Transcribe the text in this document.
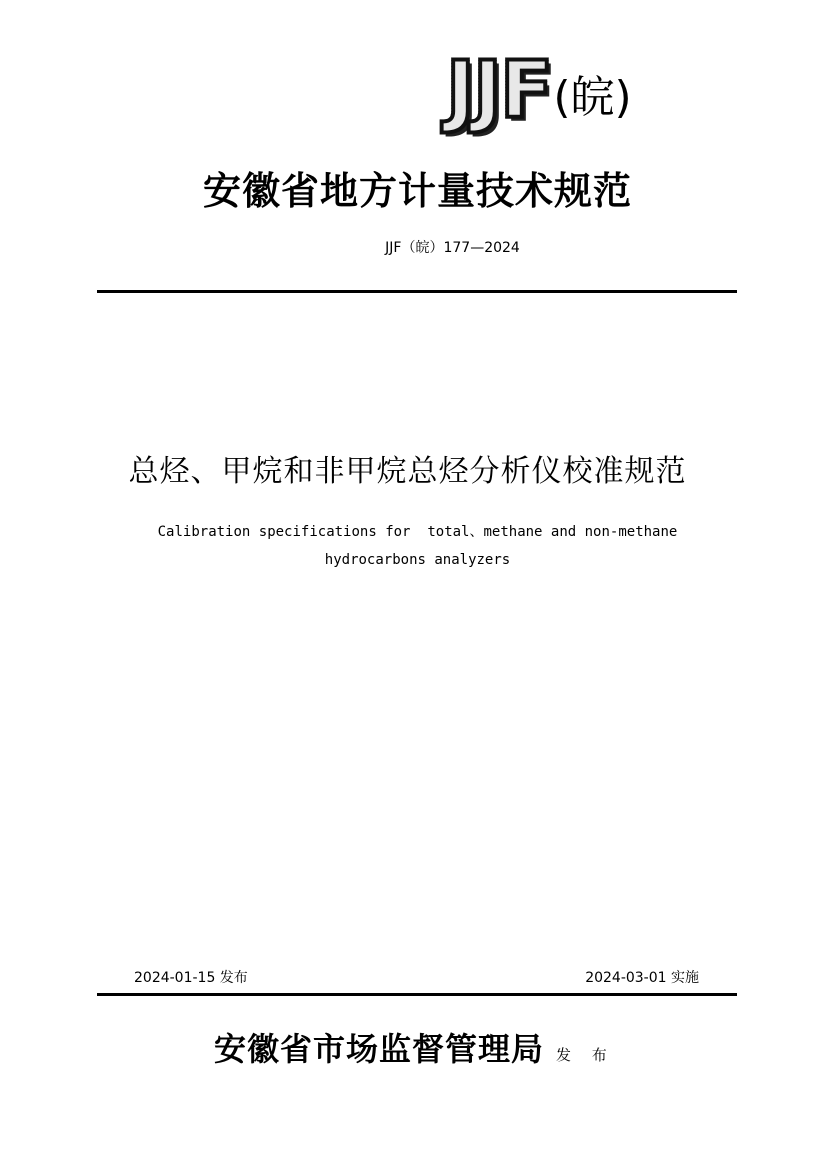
JJF (皖)
安徽省地方计量技术规范
JJF（皖）177—2024
总烃、甲烷和非甲烷总烃分析仪校准规范
Calibration specifications for  total、methane and non-methane
hydrocarbons analyzers
2024-01-15 发布	2024-03-01 实施
安徽省市场监督管理局 发 布
